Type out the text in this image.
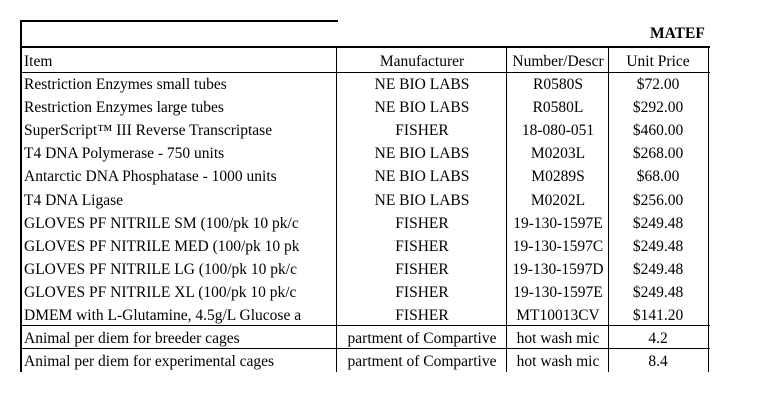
MATEF
Item	Manufacturer	Number/Descr	Unit Price
Restriction Enzymes small tubes	NE BIO LABS	R0580S	$72.00
Restriction Enzymes large tubes	NE BIO LABS	R0580L	$292.00
SuperScript™ III Reverse Transcriptase	FISHER	18-080-051	$460.00
T4 DNA Polymerase - 750 units	NE BIO LABS	M0203L	$268.00
Antarctic DNA Phosphatase - 1000 units	NE BIO LABS	M0289S	$68.00
T4 DNA Ligase	NE BIO LABS	M0202L	$256.00
GLOVES PF NITRILE SM (100/pk 10 pk/c	FISHER	19-130-1597E	$249.48
GLOVES PF NITRILE MED (100/pk 10 pk	FISHER	19-130-1597C	$249.48
GLOVES PF NITRILE LG (100/pk 10 pk/c	FISHER	19-130-1597D	$249.48
GLOVES PF NITRILE XL (100/pk 10 pk/c	FISHER	19-130-1597E	$249.48
DMEM with L-Glutamine, 4.5g/L Glucose a	FISHER	MT10013CV	$141.20
Animal per diem for breeder cages	partment of Compartive	hot wash mic	4.2
Animal per diem for experimental cages	partment of Compartive	hot wash mic	8.4
